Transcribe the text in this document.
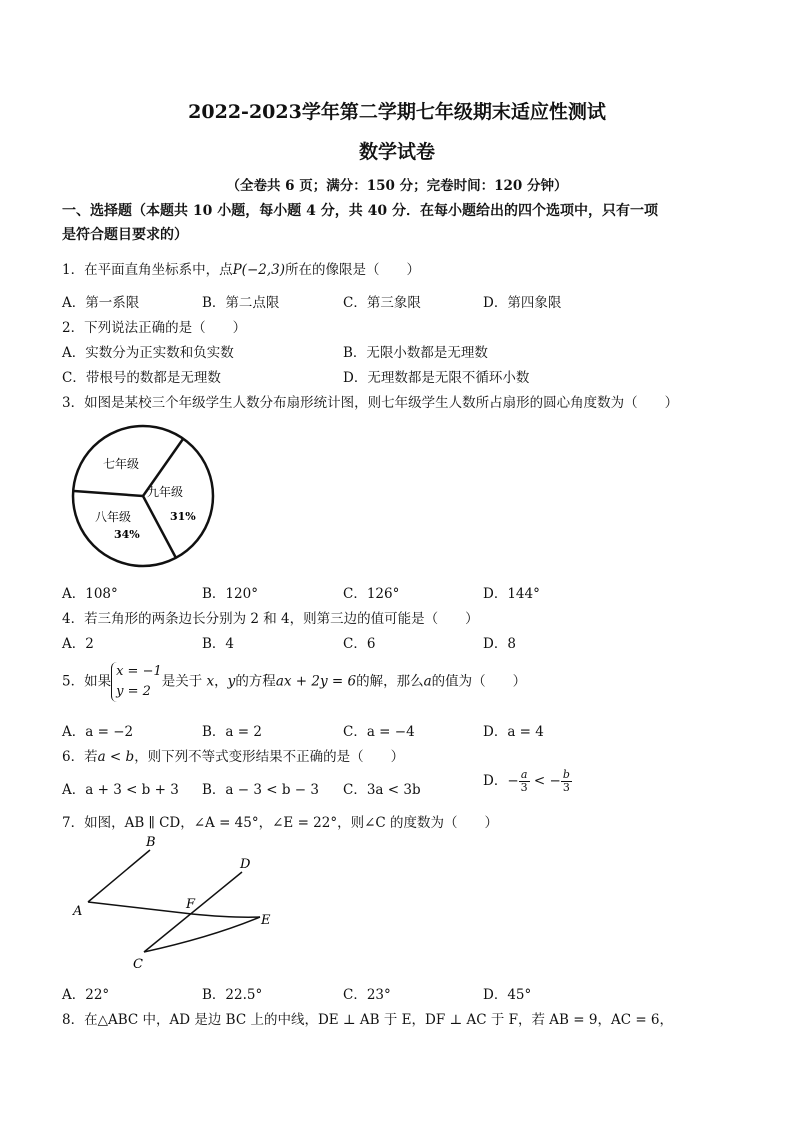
2022-2023学年第二学期七年级期末适应性测试
数学试卷
（全卷共 6 页；满分：150 分；完卷时间：120 分钟）
一、选择题（本题共 10 小题，每小题 4 分，共 40 分．在每小题给出的四个选项中，只有一项
是符合题目要求的）
1．在平面直角坐标系中，点P(−2,3)所在的像限是（　　）
A．第一系限	B．第二点限	C．第三象限	D．第四象限
2．下列说法正确的是（　　）
A．实数分为正实数和负实数	B．无限小数都是无理数
C．带根号的数都是无理数	D．无理数都是无限不循环小数
3．如图是某校三个年级学生人数分布扇形统计图，则七年级学生人数所占扇形的圆心角度数为（　　）
七年级
八年级
34%
九年级
31%
A．108°	B．120°	C．126°	D．144°
4．若三角形的两条边长分别为 2 和 4，则第三边的值可能是（　　）
A．2	B．4	C．6	D．8
5．如果
x = −1
y = 2
是关于 x，y的方程ax + 2y = 6的解，那么a的值为（　　）
A．a = −2	B．a = 2	C．a = −4	D．a = 4
6．若a < b，则下列不等式变形结果不正确的是（　　）
A．a + 3 < b + 3 B．a − 3 < b − 3 C．3a < 3b
D．− $\frac{a}{3}$ < − $\frac{b}{3}$
7．如图，AB ∥ CD，∠A = 45°，∠E = 22°，则∠C 的度数为（　　）
B
A
D
F
E
C
A．22°	B．22.5°	C．23°	D．45°
8．在△ABC 中，AD 是边 BC 上的中线，DE ⊥ AB 于 E，DF ⊥ AC 于 F，若 AB = 9，AC = 6，
